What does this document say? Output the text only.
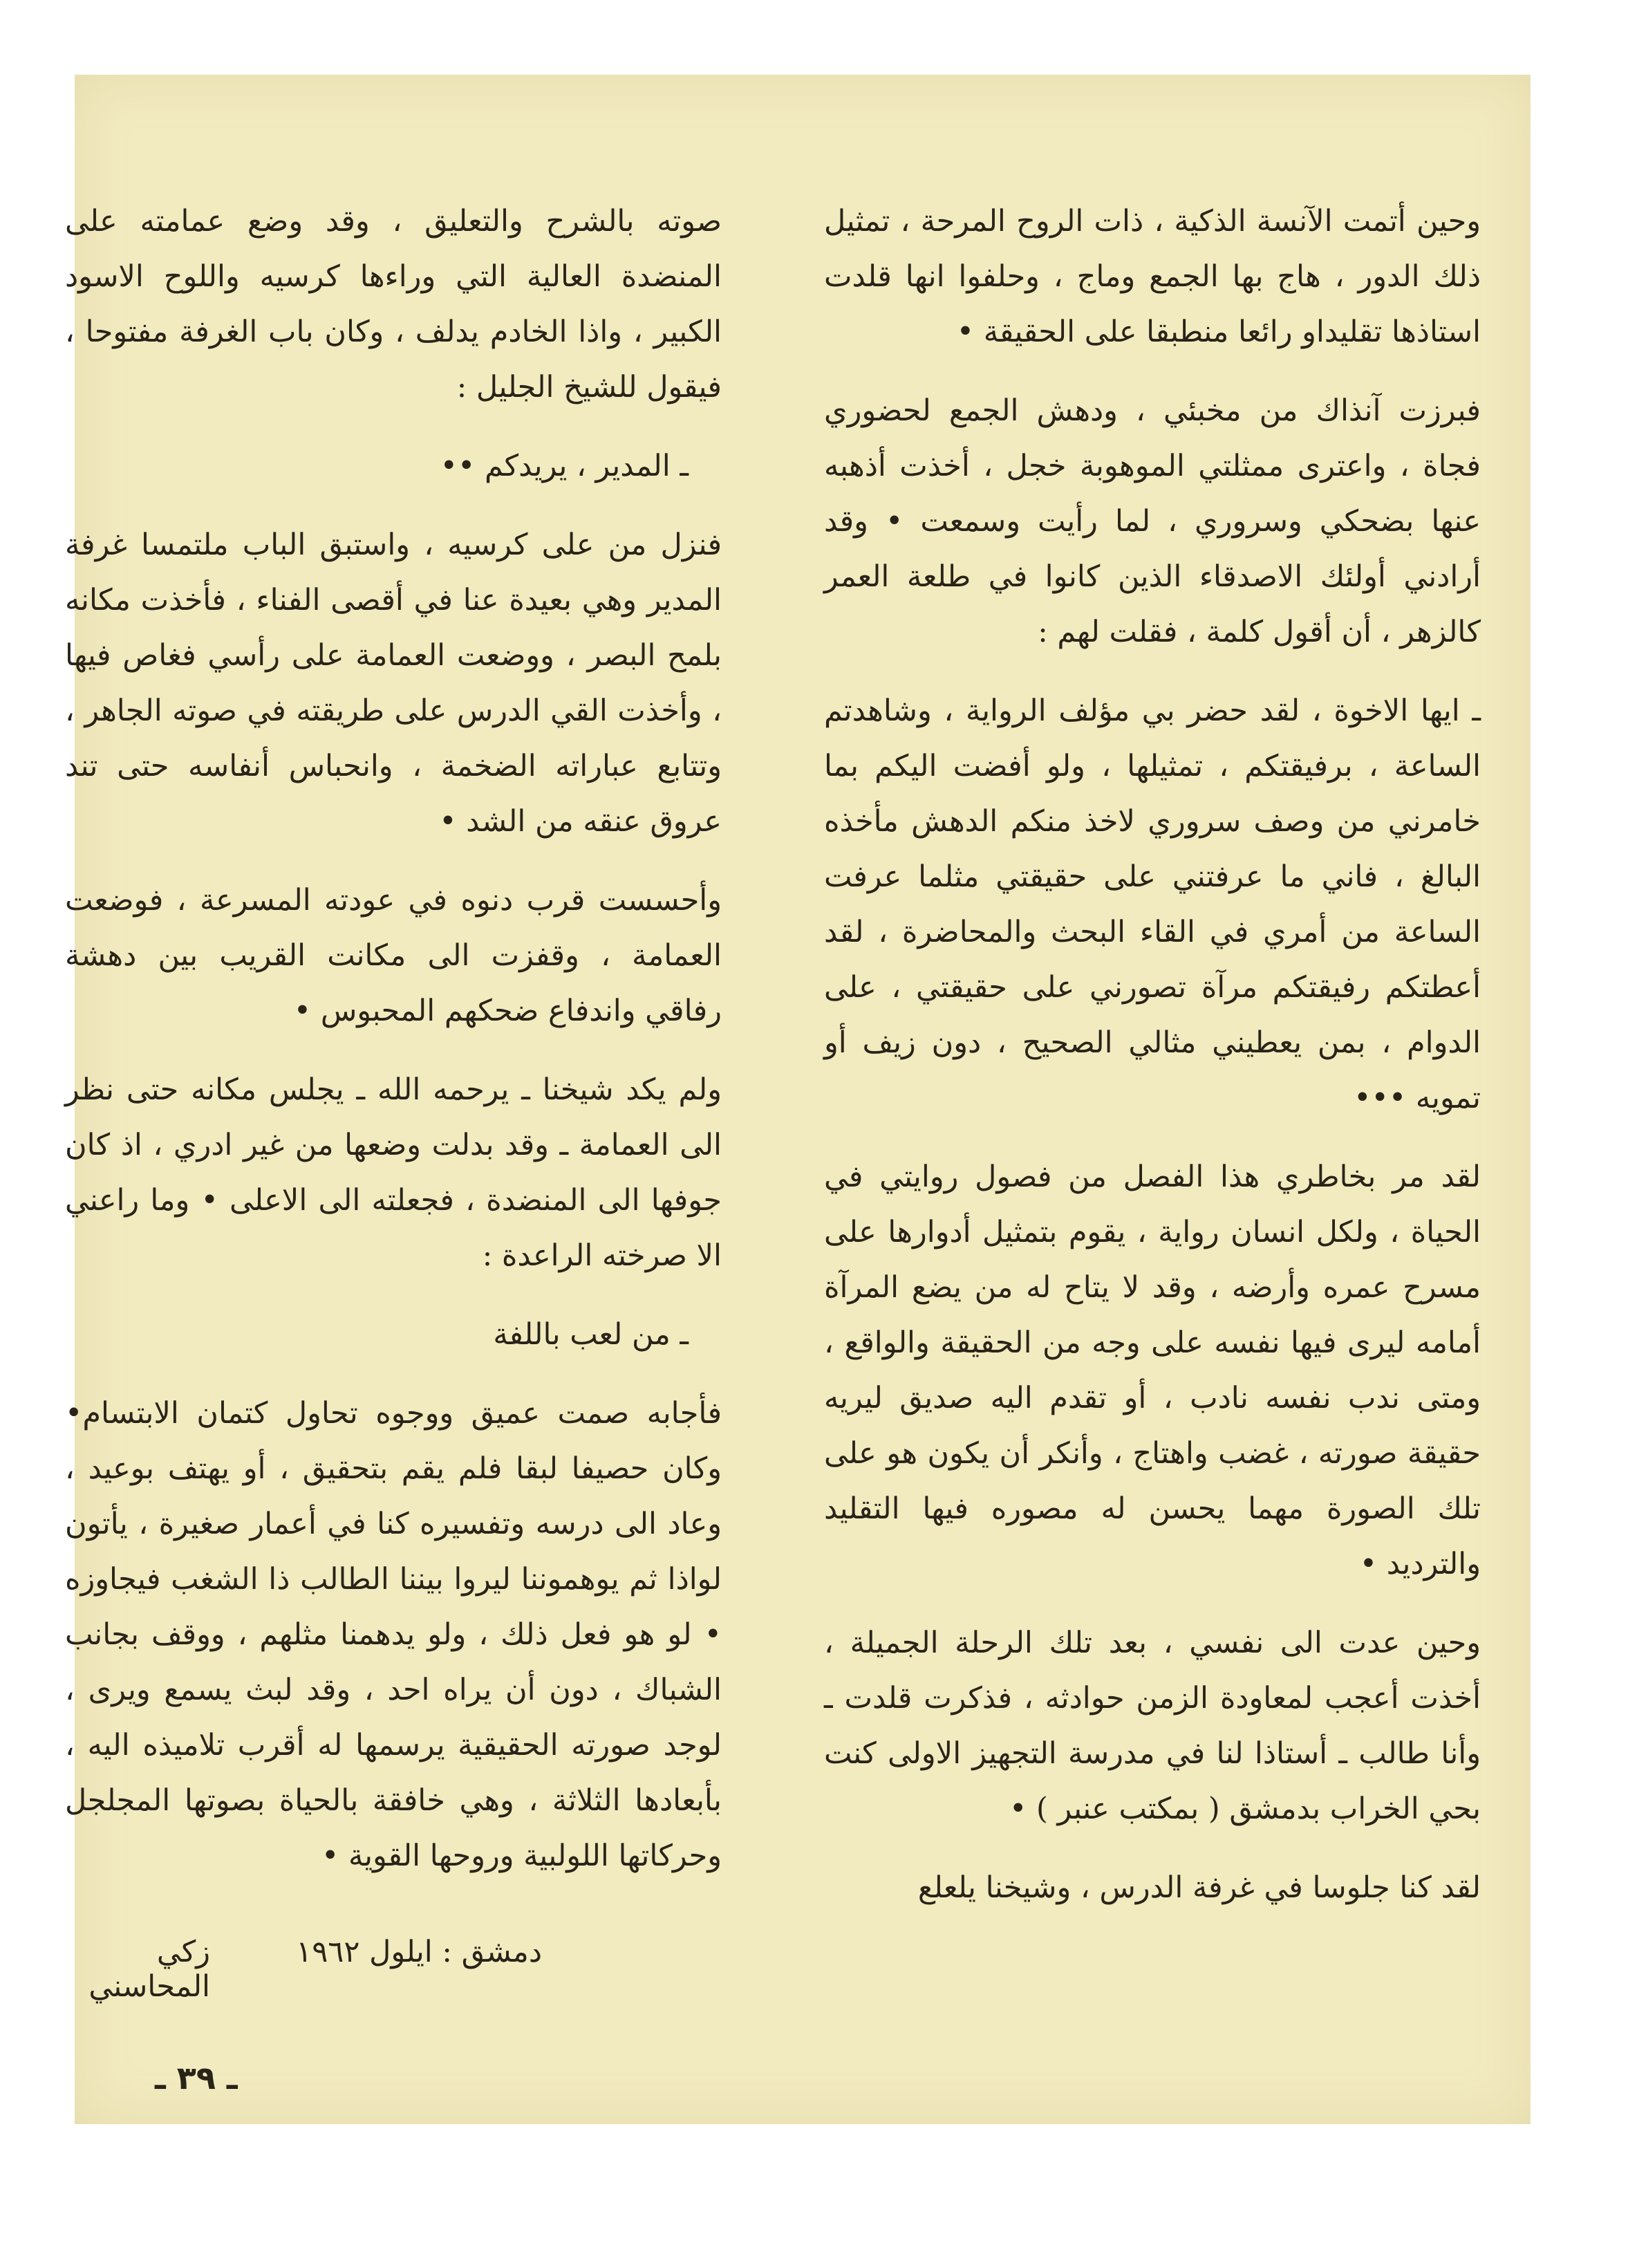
وحين أتمت الآنسة الذكية ، ذات الروح المرحة ، تمثيل ذلك الدور ، هاج بها الجمع وماج ، وحلفوا انها قلدت استاذها تقليداو رائعا منطبقا على الحقيقة •

فبرزت آنذاك من مخبئي ، ودهش الجمع لحضوري فجاة ، واعترى ممثلتي الموهوبة خجل ، أخذت أذهبه عنها بضحكي وسروري ، لما رأيت وسمعت • وقد أرادني أولئك الاصدقاء الذين كانوا في طلعة العمر كالزهر ، أن أقول كلمة ، فقلت لهم :

ـ ايها الاخوة ، لقد حضر بي مؤلف الرواية ، وشاهدتم الساعة ، برفيقتكم ، تمثيلها ، ولو أفضت اليكم بما خامرني من وصف سروري لاخذ منكم الدهش مأخذه البالغ ، فاني ما عرفتني على حقيقتي مثلما عرفت الساعة من أمري في القاء البحث والمحاضرة ، لقد أعطتكم رفيقتكم مرآة تصورني على حقيقتي ، على الدوام ، بمن يعطيني مثالي الصحيح ، دون زيف أو تمويه •••

لقد مر بخاطري هذا الفصل من فصول روايتي في الحياة ، ولكل انسان رواية ، يقوم بتمثيل أدوارها على مسرح عمره وأرضه ، وقد لا يتاح له من يضع المرآة أمامه ليرى فيها نفسه على وجه من الحقيقة والواقع ، ومتى ندب نفسه نادب ، أو تقدم اليه صديق ليريه حقيقة صورته ، غضب واهتاج ، وأنكر أن يكون هو على تلك الصورة مهما يحسن له مصوره فيها التقليد والترديد •

وحين عدت الى نفسي ، بعد تلك الرحلة الجميلة ، أخذت أعجب لمعاودة الزمن حوادثه ، فذكرت قلدت ـ وأنا طالب ـ أستاذا لنا في مدرسة التجهيز الاولى كنت بحي الخراب بدمشق ( بمكتب عنبر ) •

لقد كنا جلوسا في غرفة الدرس ، وشيخنا يلعلع

صوته بالشرح والتعليق ، وقد وضع عمامته على المنضدة العالية التي وراءها كرسيه واللوح الاسود الكبير ، واذا الخادم يدلف ، وكان باب الغرفة مفتوحا ، فيقول للشيخ الجليل :

ـ المدير ، يريدكم ••

فنزل من على كرسيه ، واستبق الباب ملتمسا غرفة المدير وهي بعيدة عنا في أقصى الفناء ، فأخذت مكانه بلمح البصر ، ووضعت العمامة على رأسي فغاص فيها ، وأخذت القي الدرس على طريقته في صوته الجاهر ، وتتابع عباراته الضخمة ، وانحباس أنفاسه حتى تند عروق عنقه من الشد •

وأحسست قرب دنوه في عودته المسرعة ، فوضعت العمامة ، وقفزت الى مكانت القريب بين دهشة رفاقي واندفاع ضحكهم المحبوس •

ولم يكد شيخنا ـ يرحمه الله ـ يجلس مكانه حتى نظر الى العمامة ـ وقد بدلت وضعها من غير ادري ، اذ كان جوفها الى المنضدة ، فجعلته الى الاعلى • وما راعني الا صرخته الراعدة :

ـ من لعب باللفة

فأجابه صمت عميق ووجوه تحاول كتمان الابتسام• وكان حصيفا لبقا فلم يقم بتحقيق ، أو يهتف بوعيد ، وعاد الى درسه وتفسيره كنا في أعمار صغيرة ، يأتون لواذا ثم يوهموننا ليروا بيننا الطالب ذا الشغب فيجاوزه • لو هو فعل ذلك ، ولو يدهمنا مثلهم ، ووقف بجانب الشباك ، دون أن يراه احد ، وقد لبث يسمع ويرى ، لوجد صورته الحقيقية يرسمها له أقرب تلاميذه اليه ، بأبعادها الثلاثة ، وهي خافقة بالحياة بصوتها المجلجل وحركاتها اللولبية وروحها القوية •

دمشق : ايلول ١٩٦٢
زكي المحاسني
ـ ٣٩ ـ
